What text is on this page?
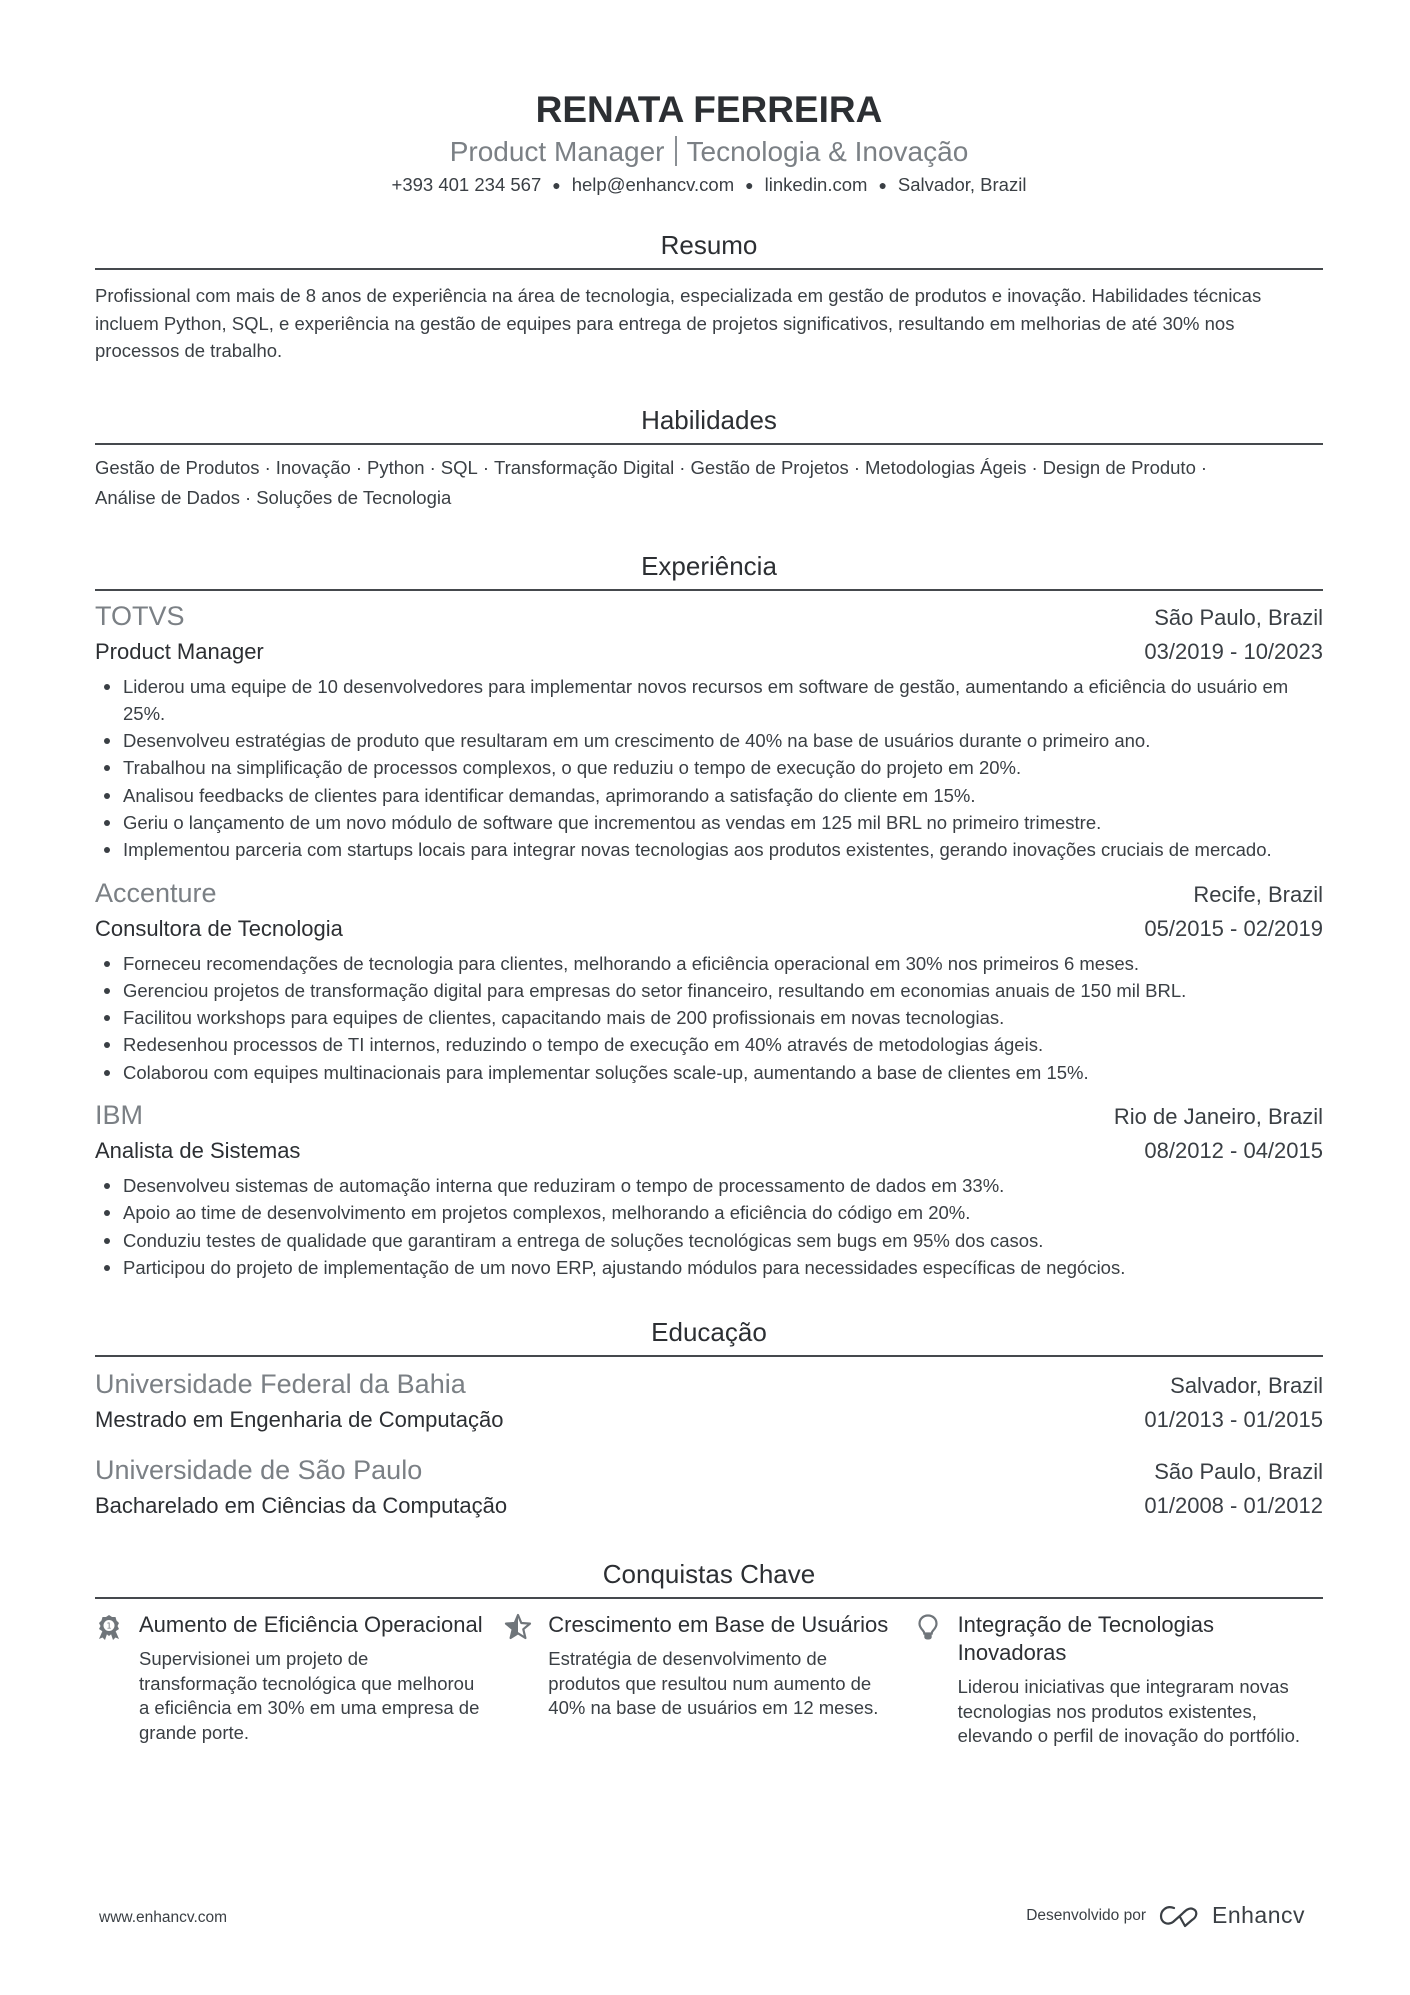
RENATA FERREIRA
Product Manager Tecnologia & Inovação
+393 401 234 567 ● help@enhancv.com ● linkedin.com ● Salvador, Brazil
Resumo

Profissional com mais de 8 anos de experiência na área de tecnologia, especializada em gestão de produtos e inovação. Habilidades técnicas incluem Python, SQL, e experiência na gestão de equipes para entrega de projetos significativos, resultando em melhorias de até 30% nos processos de trabalho.

Habilidades
Gestão de Produtos · Inovação · Python · SQL · Transformação Digital · Gestão de Projetos · Metodologias Ágeis · Design de Produto ·
Análise de Dados · Soluções de Tecnologia
Experiência
TOTVS	São Paulo, Brazil
Product Manager	03/2019 - 10/2023
Liderou uma equipe de 10 desenvolvedores para implementar novos recursos em software de gestão, aumentando a eficiência do usuário em 25%.
Desenvolveu estratégias de produto que resultaram em um crescimento de 40% na base de usuários durante o primeiro ano.
Trabalhou na simplificação de processos complexos, o que reduziu o tempo de execução do projeto em 20%.
Analisou feedbacks de clientes para identificar demandas, aprimorando a satisfação do cliente em 15%.
Geriu o lançamento de um novo módulo de software que incrementou as vendas em 125 mil BRL no primeiro trimestre.
Implementou parceria com startups locais para integrar novas tecnologias aos produtos existentes, gerando inovações cruciais de mercado.
Accenture	Recife, Brazil
Consultora de Tecnologia	05/2015 - 02/2019
Forneceu recomendações de tecnologia para clientes, melhorando a eficiência operacional em 30% nos primeiros 6 meses.
Gerenciou projetos de transformação digital para empresas do setor financeiro, resultando em economias anuais de 150 mil BRL.
Facilitou workshops para equipes de clientes, capacitando mais de 200 profissionais em novas tecnologias.
Redesenhou processos de TI internos, reduzindo o tempo de execução em 40% através de metodologias ágeis.
Colaborou com equipes multinacionais para implementar soluções scale-up, aumentando a base de clientes em 15%.
IBM	Rio de Janeiro, Brazil
Analista de Sistemas	08/2012 - 04/2015
Desenvolveu sistemas de automação interna que reduziram o tempo de processamento de dados em 33%.
Apoio ao time de desenvolvimento em projetos complexos, melhorando a eficiência do código em 20%.
Conduziu testes de qualidade que garantiram a entrega de soluções tecnológicas sem bugs em 95% dos casos.
Participou do projeto de implementação de um novo ERP, ajustando módulos para necessidades específicas de negócios.
Educação
Universidade Federal da Bahia	Salvador, Brazil
Mestrado em Engenharia de Computação	01/2013 - 01/2015
Universidade de São Paulo	São Paulo, Brazil
Bacharelado em Ciências da Computação	01/2008 - 01/2012
Conquistas Chave
1 Aumento de Eficiência Operacional
Supervisionei um projeto de transformação tecnológica que melhorou a eficiência em 30% em uma empresa de grande porte.
Crescimento em Base de Usuários
Estratégia de desenvolvimento de produtos que resultou num aumento de 40% na base de usuários em 12 meses.
Integração de Tecnologias Inovadoras
Liderou iniciativas que integraram novas tecnologias nos produtos existentes, elevando o perfil de inovação do portfólio.
www.enhancv.com	Desenvolvido por	Enhancv
